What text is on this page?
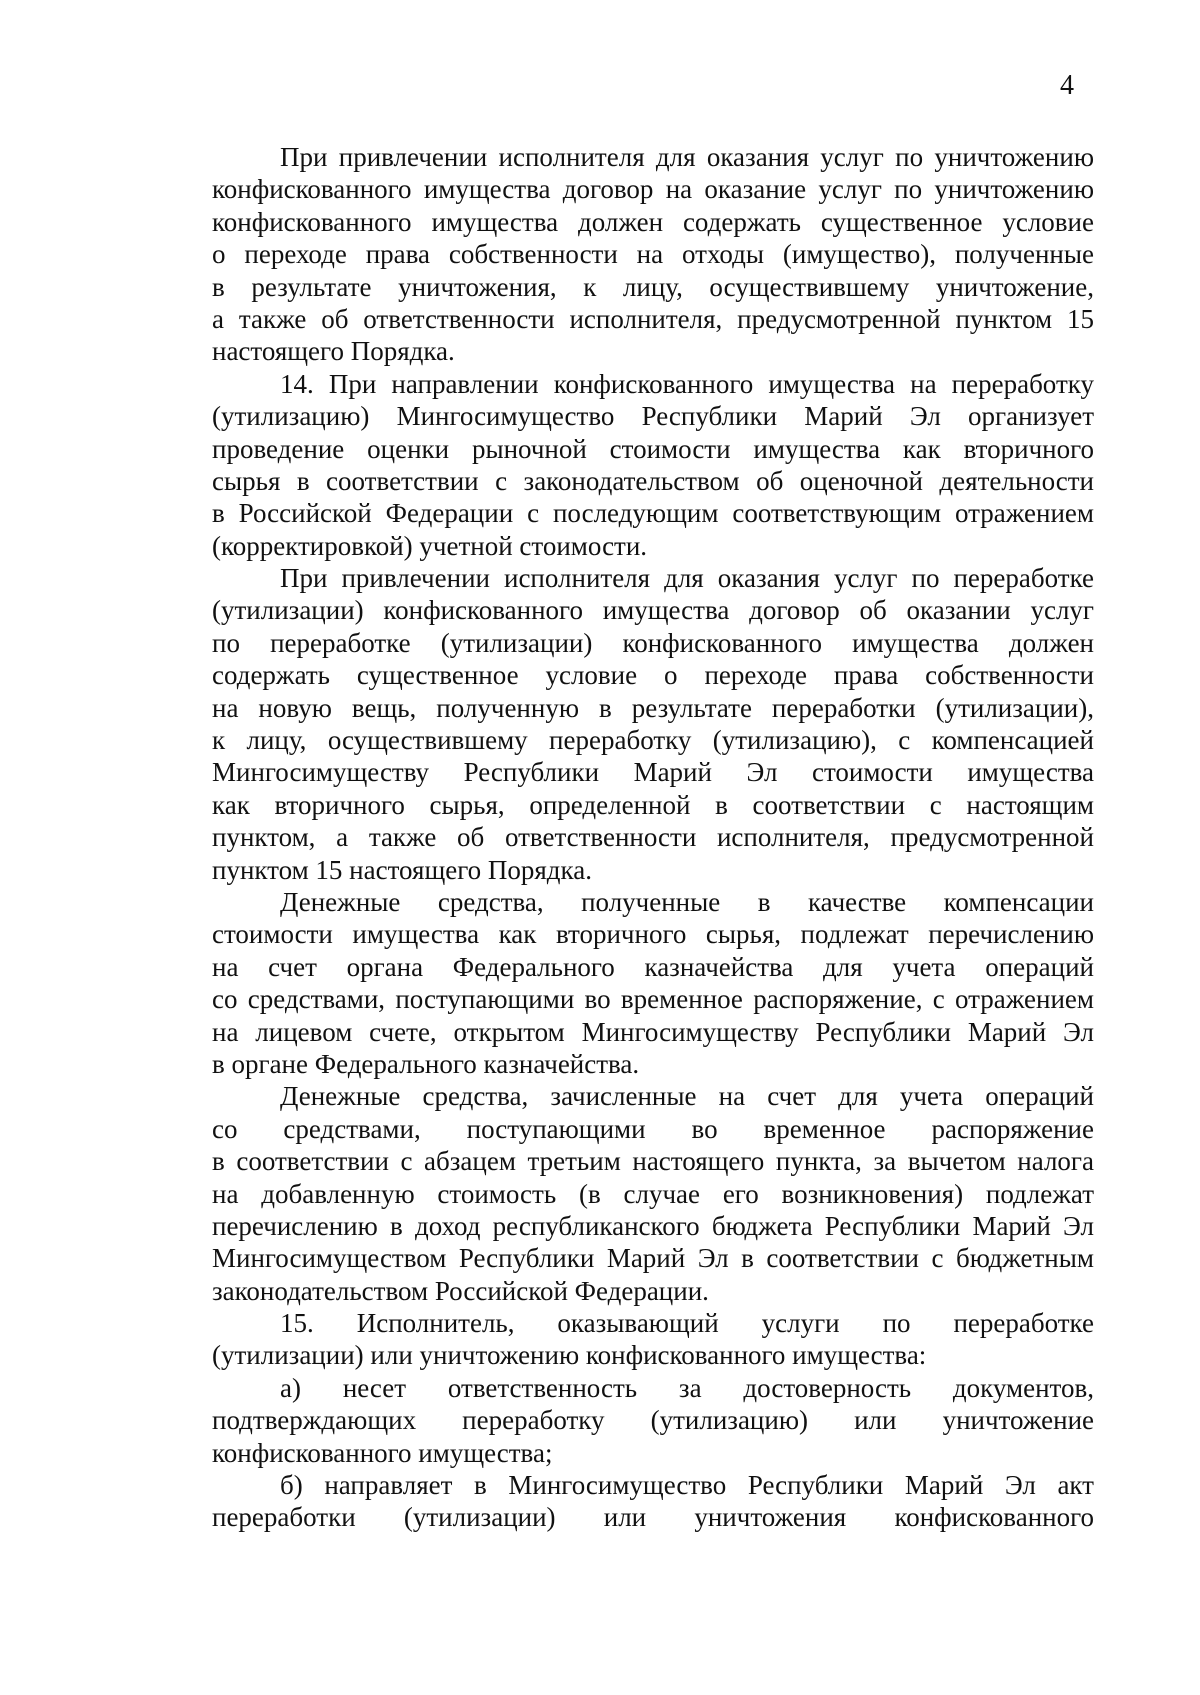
4
При привлечении исполнителя для оказания услуг по уничтожению
конфискованного имущества договор на оказание услуг по уничтожению
конфискованного имущества должен содержать существенное условие
о переходе права собственности на отходы (имущество), полученные
в результате уничтожения, к лицу, осуществившему уничтожение,
а также об ответственности исполнителя, предусмотренной пунктом 15
настоящего Порядка.
14. При направлении конфискованного имущества на переработку
(утилизацию) Мингосимущество Республики Марий Эл организует
проведение оценки рыночной стоимости имущества как вторичного
сырья в соответствии с законодательством об оценочной деятельности
в Российской Федерации с последующим соответствующим отражением
(корректировкой) учетной стоимости.
При привлечении исполнителя для оказания услуг по переработке
(утилизации) конфискованного имущества договор об оказании услуг
по переработке (утилизации) конфискованного имущества должен
содержать существенное условие о переходе права собственности
на новую вещь, полученную в результате переработки (утилизации),
к лицу, осуществившему переработку (утилизацию), с компенсацией
Мингосимуществу Республики Марий Эл стоимости имущества
как вторичного сырья, определенной в соответствии с настоящим
пунктом, а также об ответственности исполнителя, предусмотренной
пунктом 15 настоящего Порядка.
Денежные средства, полученные в качестве компенсации
стоимости имущества как вторичного сырья, подлежат перечислению
на счет органа Федерального казначейства для учета операций
со средствами, поступающими во временное распоряжение, с отражением
на лицевом счете, открытом Мингосимуществу Республики Марий Эл
в органе Федерального казначейства.
Денежные средства, зачисленные на счет для учета операций
со средствами, поступающими во временное распоряжение
в соответствии с абзацем третьим настоящего пункта, за вычетом налога
на добавленную стоимость (в случае его возникновения) подлежат
перечислению в доход республиканского бюджета Республики Марий Эл
Мингосимуществом Республики Марий Эл в соответствии с бюджетным
законодательством Российской Федерации.
15. Исполнитель, оказывающий услуги по переработке
(утилизации) или уничтожению конфискованного имущества:
а) несет ответственность за достоверность документов,
подтверждающих переработку (утилизацию) или уничтожение
конфискованного имущества;
б) направляет в Мингосимущество Республики Марий Эл акт
переработки (утилизации) или уничтожения конфискованного
